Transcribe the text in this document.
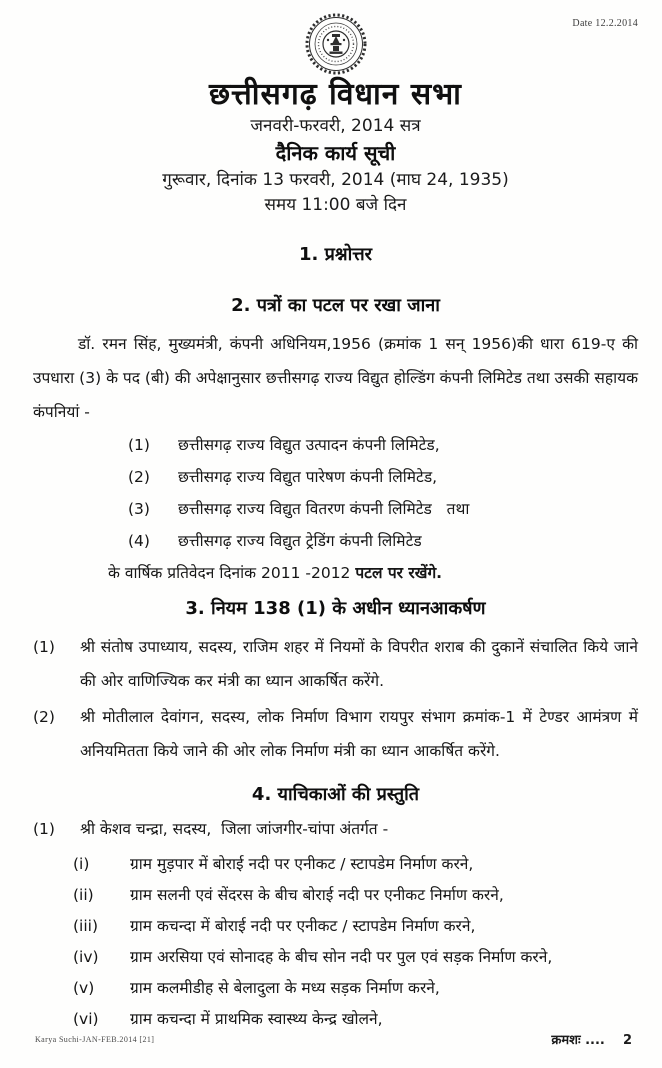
Date 12.2.2014
छत्तीसगढ़ विधान सभा
जनवरी-फरवरी, 2014 सत्र
दैनिक कार्य सूची
गुरूवार, दिनांक 13 फरवरी, 2014 (माघ 24, 1935)
समय 11:00 बजे दिन
1. प्रश्नोत्तर
2. पत्रों का पटल पर रखा जाना
डॉ. रमन सिंह, मुख्यमंत्री, कंपनी अधिनियम,1956 (क्रमांक 1 सन् 1956)की धारा 619-ए की उपधारा (3) के पद (बी) की अपेक्षानुसार छत्तीसगढ़ राज्य विद्युत होल्डिंग कंपनी लिमिटेड तथा उसकी सहायक कंपनियां -
(1)	छत्तीसगढ़ राज्य विद्युत उत्पादन कंपनी लिमिटेड,
(2)	छत्तीसगढ़ राज्य विद्युत पारेषण कंपनी लिमिटेड,
(3)	छत्तीसगढ़ राज्य विद्युत वितरण कंपनी लिमिटेड   तथा
(4)	छत्तीसगढ़ राज्य विद्युत ट्रेडिंग कंपनी लिमिटेड
के वार्षिक प्रतिवेदन दिनांक 2011 -2012 पटल पर रखेंगे.
3. नियम 138 (1) के अधीन ध्यानआकर्षण
(1)	श्री संतोष उपाध्याय, सदस्य, राजिम शहर में नियमों के विपरीत शराब की दुकानें संचालित किये जाने की ओर वाणिज्यिक कर मंत्री का ध्यान आकर्षित करेंगे.
(2)	श्री मोतीलाल देवांगन, सदस्य, लोक निर्माण विभाग रायपुर संभाग क्रमांक-1 में टेण्डर आमंत्रण में अनियमितता किये जाने की ओर लोक निर्माण मंत्री का ध्यान आकर्षित करेंगे.
4. याचिकाओं की प्रस्तुति
(1)	श्री केशव चन्द्रा, सदस्य,  जिला जांजगीर-चांपा अंतर्गत -
(i)	ग्राम मुड़पार में बोराई नदी पर एनीकट / स्टापडेम निर्माण करने,
(ii)	ग्राम सलनी एवं सेंदरस के बीच बोराई नदी पर एनीकट निर्माण करने,
(iii)	ग्राम कचन्दा में बोराई नदी पर एनीकट / स्टापडेम निर्माण करने,
(iv)	ग्राम अरसिया एवं सोनादह के बीच सोन नदी पर पुल एवं सड़क निर्माण करने,
(v)	ग्राम कलमीडीह से बेलादुला के मध्य सड़क निर्माण करने,
(vi)	ग्राम कचन्दा में प्राथमिक स्वास्थ्य केन्द्र खोलने,
Karya Suchi-JAN-FEB.2014 [21]	क्रमशः ....    2
